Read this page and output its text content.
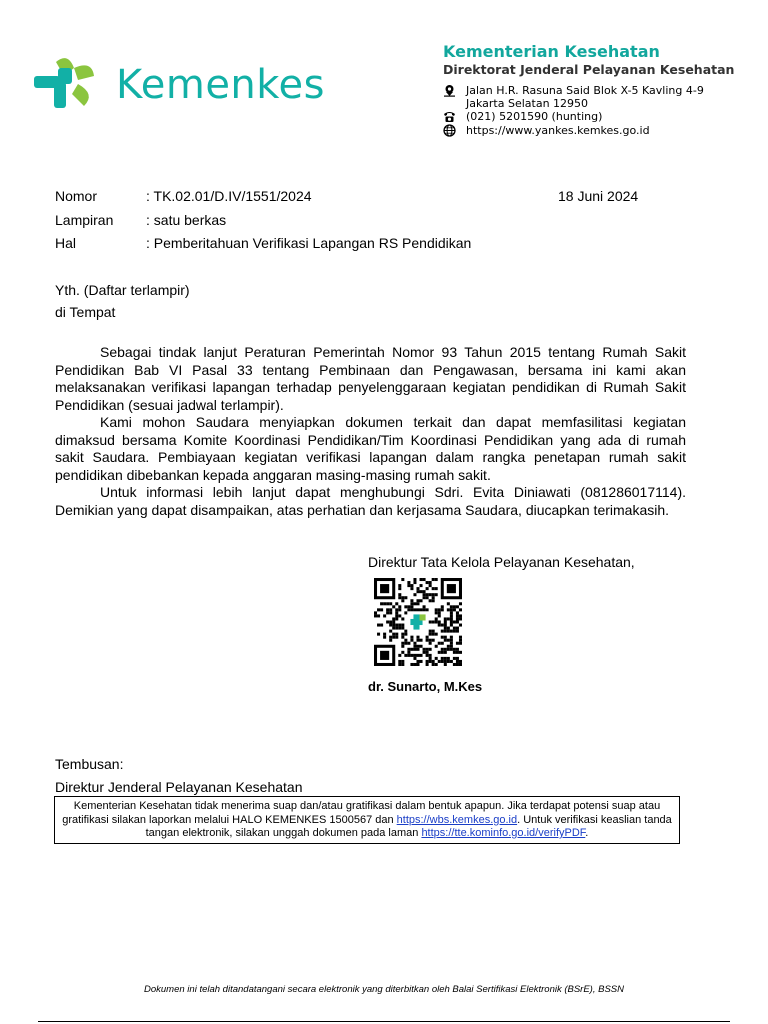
Kemenkes
Kementerian Kesehatan
Direktorat Jenderal Pelayanan Kesehatan
Jalan H.R. Rasuna Said Blok X-5 Kavling 4-9
Jakarta Selatan 12950
(021) 5201590 (hunting)
https://www.yankes.kemkes.go.id
Nomor	: TK.02.01/D.IV/1551/2024	18 Juni 2024
Lampiran : satu berkas
Hal	: Pemberitahuan Verifikasi Lapangan RS Pendidikan
Yth. (Daftar terlampir)
di Tempat

Sebagai tindak lanjut Peraturan Pemerintah Nomor 93 Tahun 2015 tentang Rumah Sakit Pendidikan Bab VI Pasal 33 tentang Pembinaan dan Pengawasan, bersama ini kami akan melaksanakan verifikasi lapangan terhadap penyelenggaraan kegiatan pendidikan di Rumah Sakit Pendidikan (sesuai jadwal terlampir).

Kami mohon Saudara menyiapkan dokumen terkait dan dapat memfasilitasi kegiatan dimaksud bersama Komite Koordinasi Pendidikan/Tim Koordinasi Pendidikan yang ada di rumah sakit Saudara. Pembiayaan kegiatan verifikasi lapangan dalam rangka penetapan rumah sakit pendidikan dibebankan kepada anggaran masing-masing rumah sakit.

Untuk informasi lebih lanjut dapat menghubungi Sdri. Evita Diniawati (081286017114). Demikian yang dapat disampaikan, atas perhatian dan kerjasama Saudara, diucapkan terimakasih.

Direktur Tata Kelola Pelayanan Kesehatan,
dr. Sunarto, M.Kes
Tembusan:
Direktur Jenderal Pelayanan Kesehatan
Kementerian Kesehatan tidak menerima suap dan/atau gratifikasi dalam bentuk apapun. Jika terdapat potensi suap atau gratifikasi silakan laporkan melalui HALO KEMENKES 1500567 dan https://wbs.kemkes.go.id. Untuk verifikasi keaslian tanda tangan elektronik, silakan unggah dokumen pada laman https://tte.kominfo.go.id/verifyPDF.
Dokumen ini telah ditandatangani secara elektronik yang diterbitkan oleh Balai Sertifikasi Elektronik (BSrE), BSSN
